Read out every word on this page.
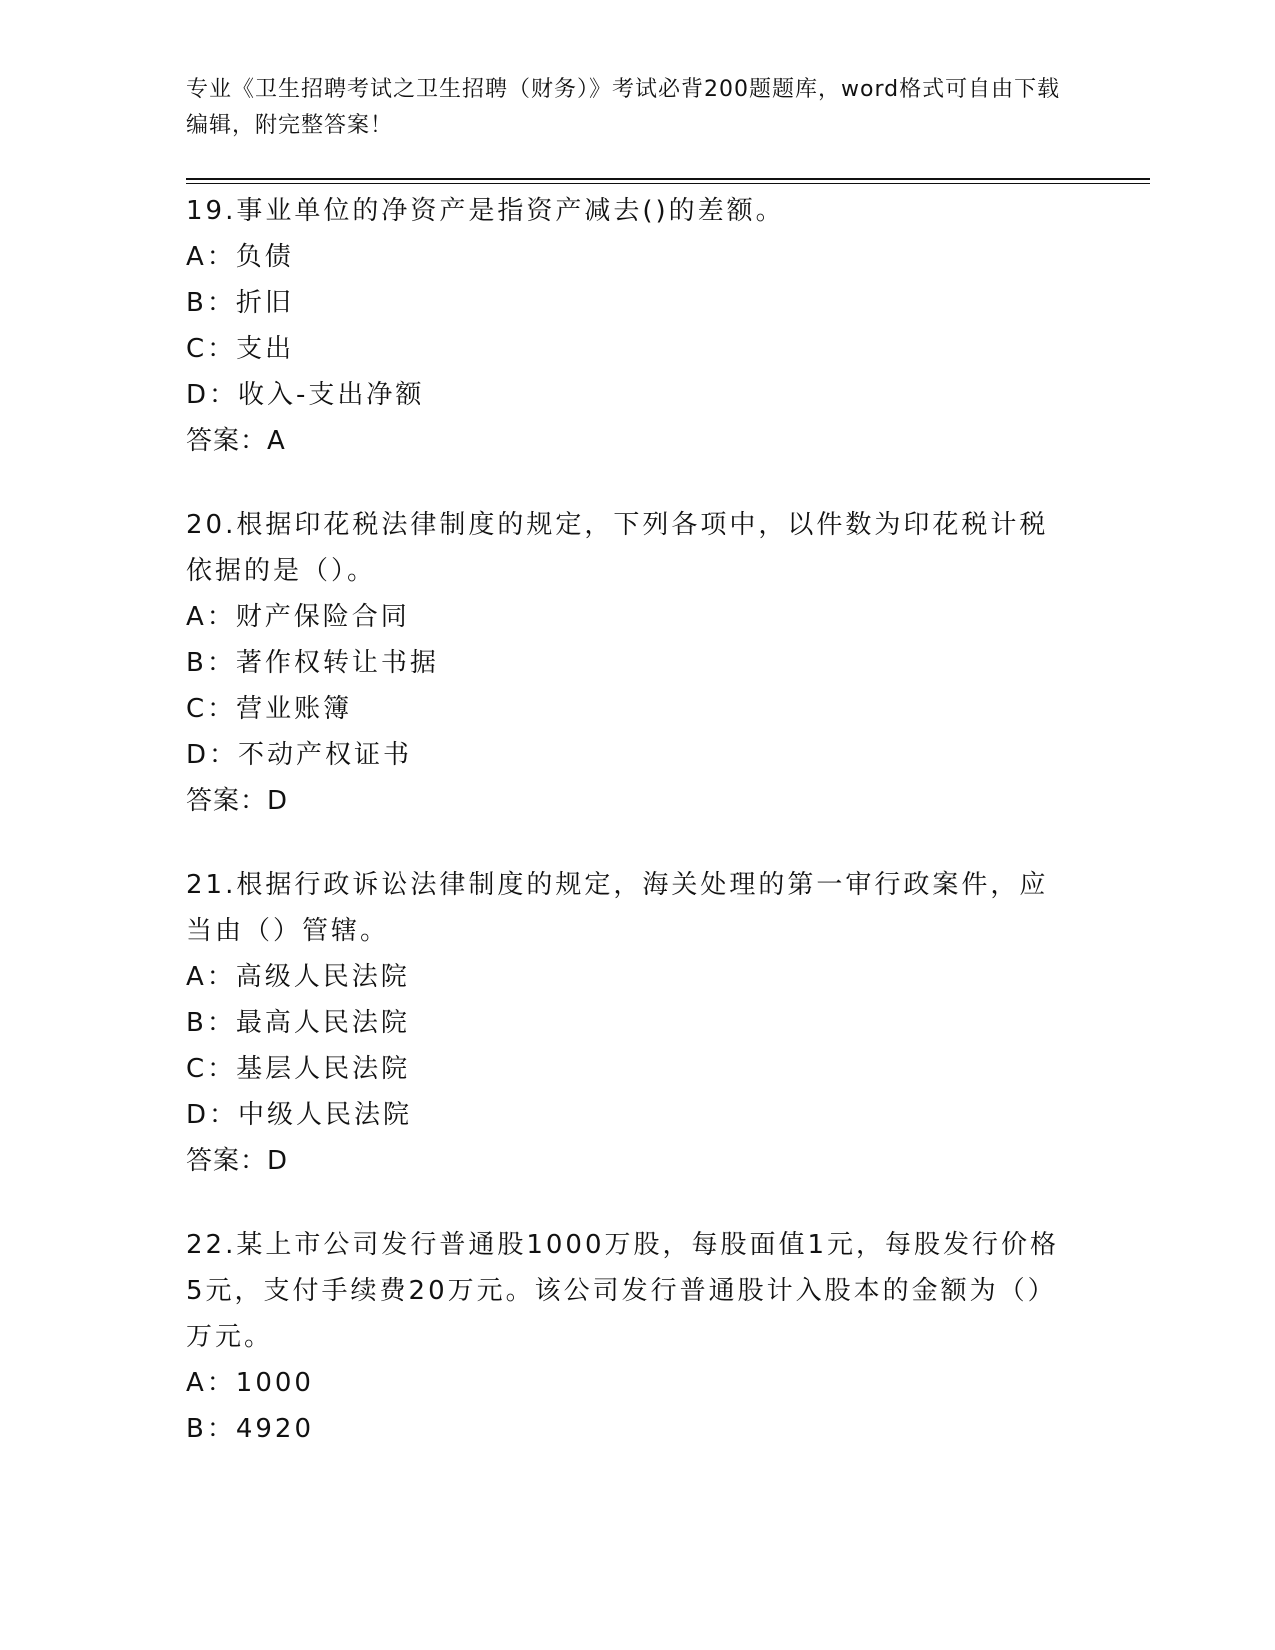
专业《卫生招聘考试之卫生招聘（财务）》考试必背200题题库，word格式可自由下载编辑，附完整答案！
19.事业单位的净资产是指资产减去()的差额。
A：负债
B：折旧
C：支出
D：收入-支出净额
答案：A
20.根据印花税法律制度的规定，下列各项中，以件数为印花税计税依据的是（）。
A：财产保险合同
B：著作权转让书据
C：营业账簿
D：不动产权证书
答案：D
21.根据行政诉讼法律制度的规定，海关处理的第一审行政案件，应当由（）管辖。
A：高级人民法院
B：最高人民法院
C：基层人民法院
D：中级人民法院
答案：D
22.某上市公司发行普通股1000万股，每股面值1元，每股发行价格5元，支付手续费20万元。该公司发行普通股计入股本的金额为（）万元。
A：1000
B：4920
